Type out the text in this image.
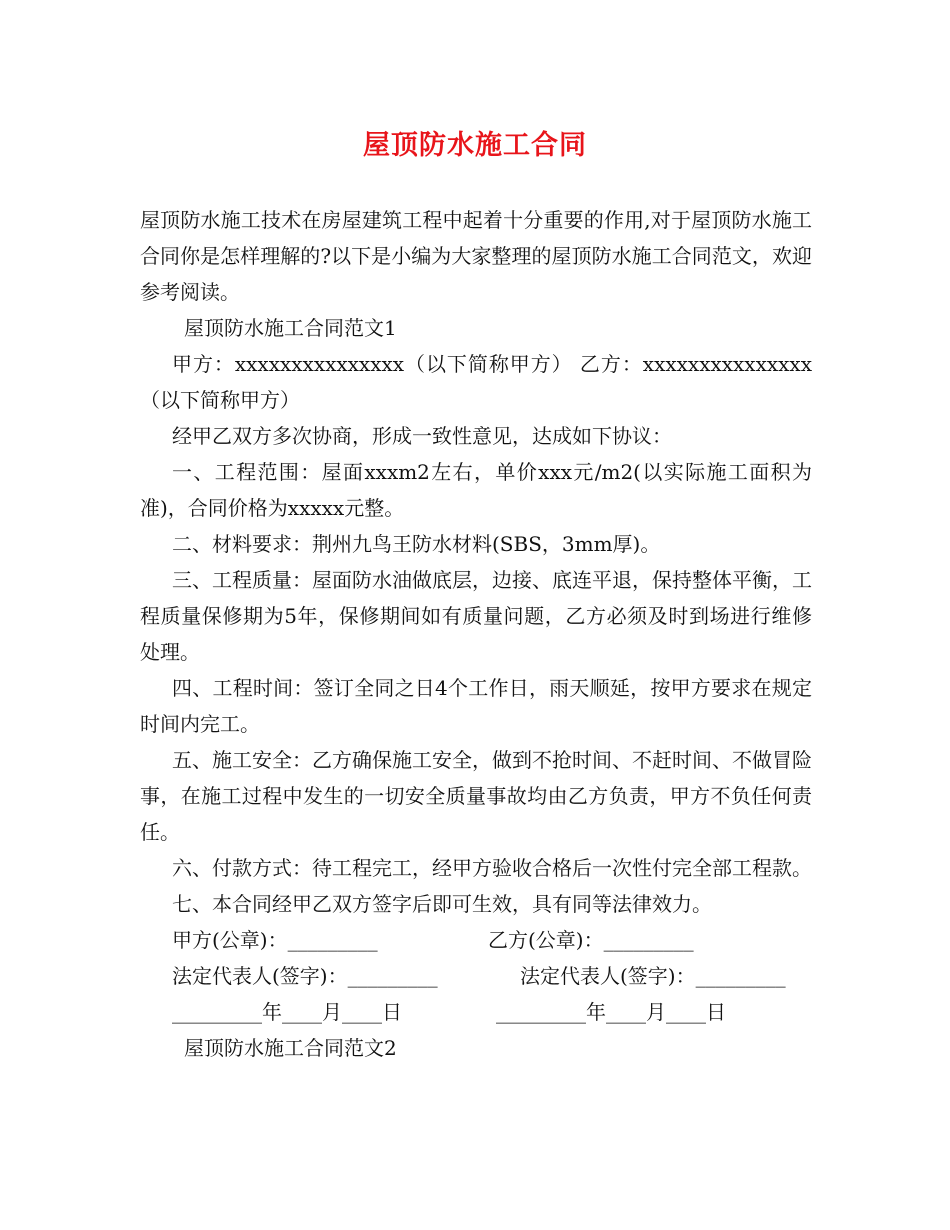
屋顶防水施工合同

屋顶防水施工技术在房屋建筑工程中起着十分重要的作用,对于屋顶防水施工合同你是怎样理解的?以下是小编为大家整理的屋顶防水施工合同范文，欢迎参考阅读。

屋顶防水施工合同范文1

甲方：xxxxxxxxxxxxxxx（以下简称甲方） 乙方：xxxxxxxxxxxxxxx（以下简称甲方）

经甲乙双方多次协商，形成一致性意见，达成如下协议：

一、工程范围：屋面xxxm2左右，单价xxx元/m2(以实际施工面积为准)，合同价格为xxxxx元整。

二、材料要求：荆州九鸟王防水材料(SBS，3mm厚)。

三、工程质量：屋面防水油做底层，边接、底连平退，保持整体平衡，工程质量保修期为5年，保修期间如有质量问题，乙方必须及时到场进行维修处理。

四、工程时间：签订全同之日4个工作日，雨天顺延，按甲方要求在规定时间内完工。

五、施工安全：乙方确保施工安全，做到不抢时间、不赶时间、不做冒险事，在施工过程中发生的一切安全质量事故均由乙方负责，甲方不负任何责任。

六、付款方式：待工程完工，经甲方验收合格后一次性付完全部工程款。

七、本合同经甲乙双方签字后即可生效，具有同等法律效力。

甲方(公章)：_________	乙方(公章)：_________
法定代表人(签字)：_________	法定代表人(签字)：_________
_________年____月____日	_________年____月____日

屋顶防水施工合同范文2
